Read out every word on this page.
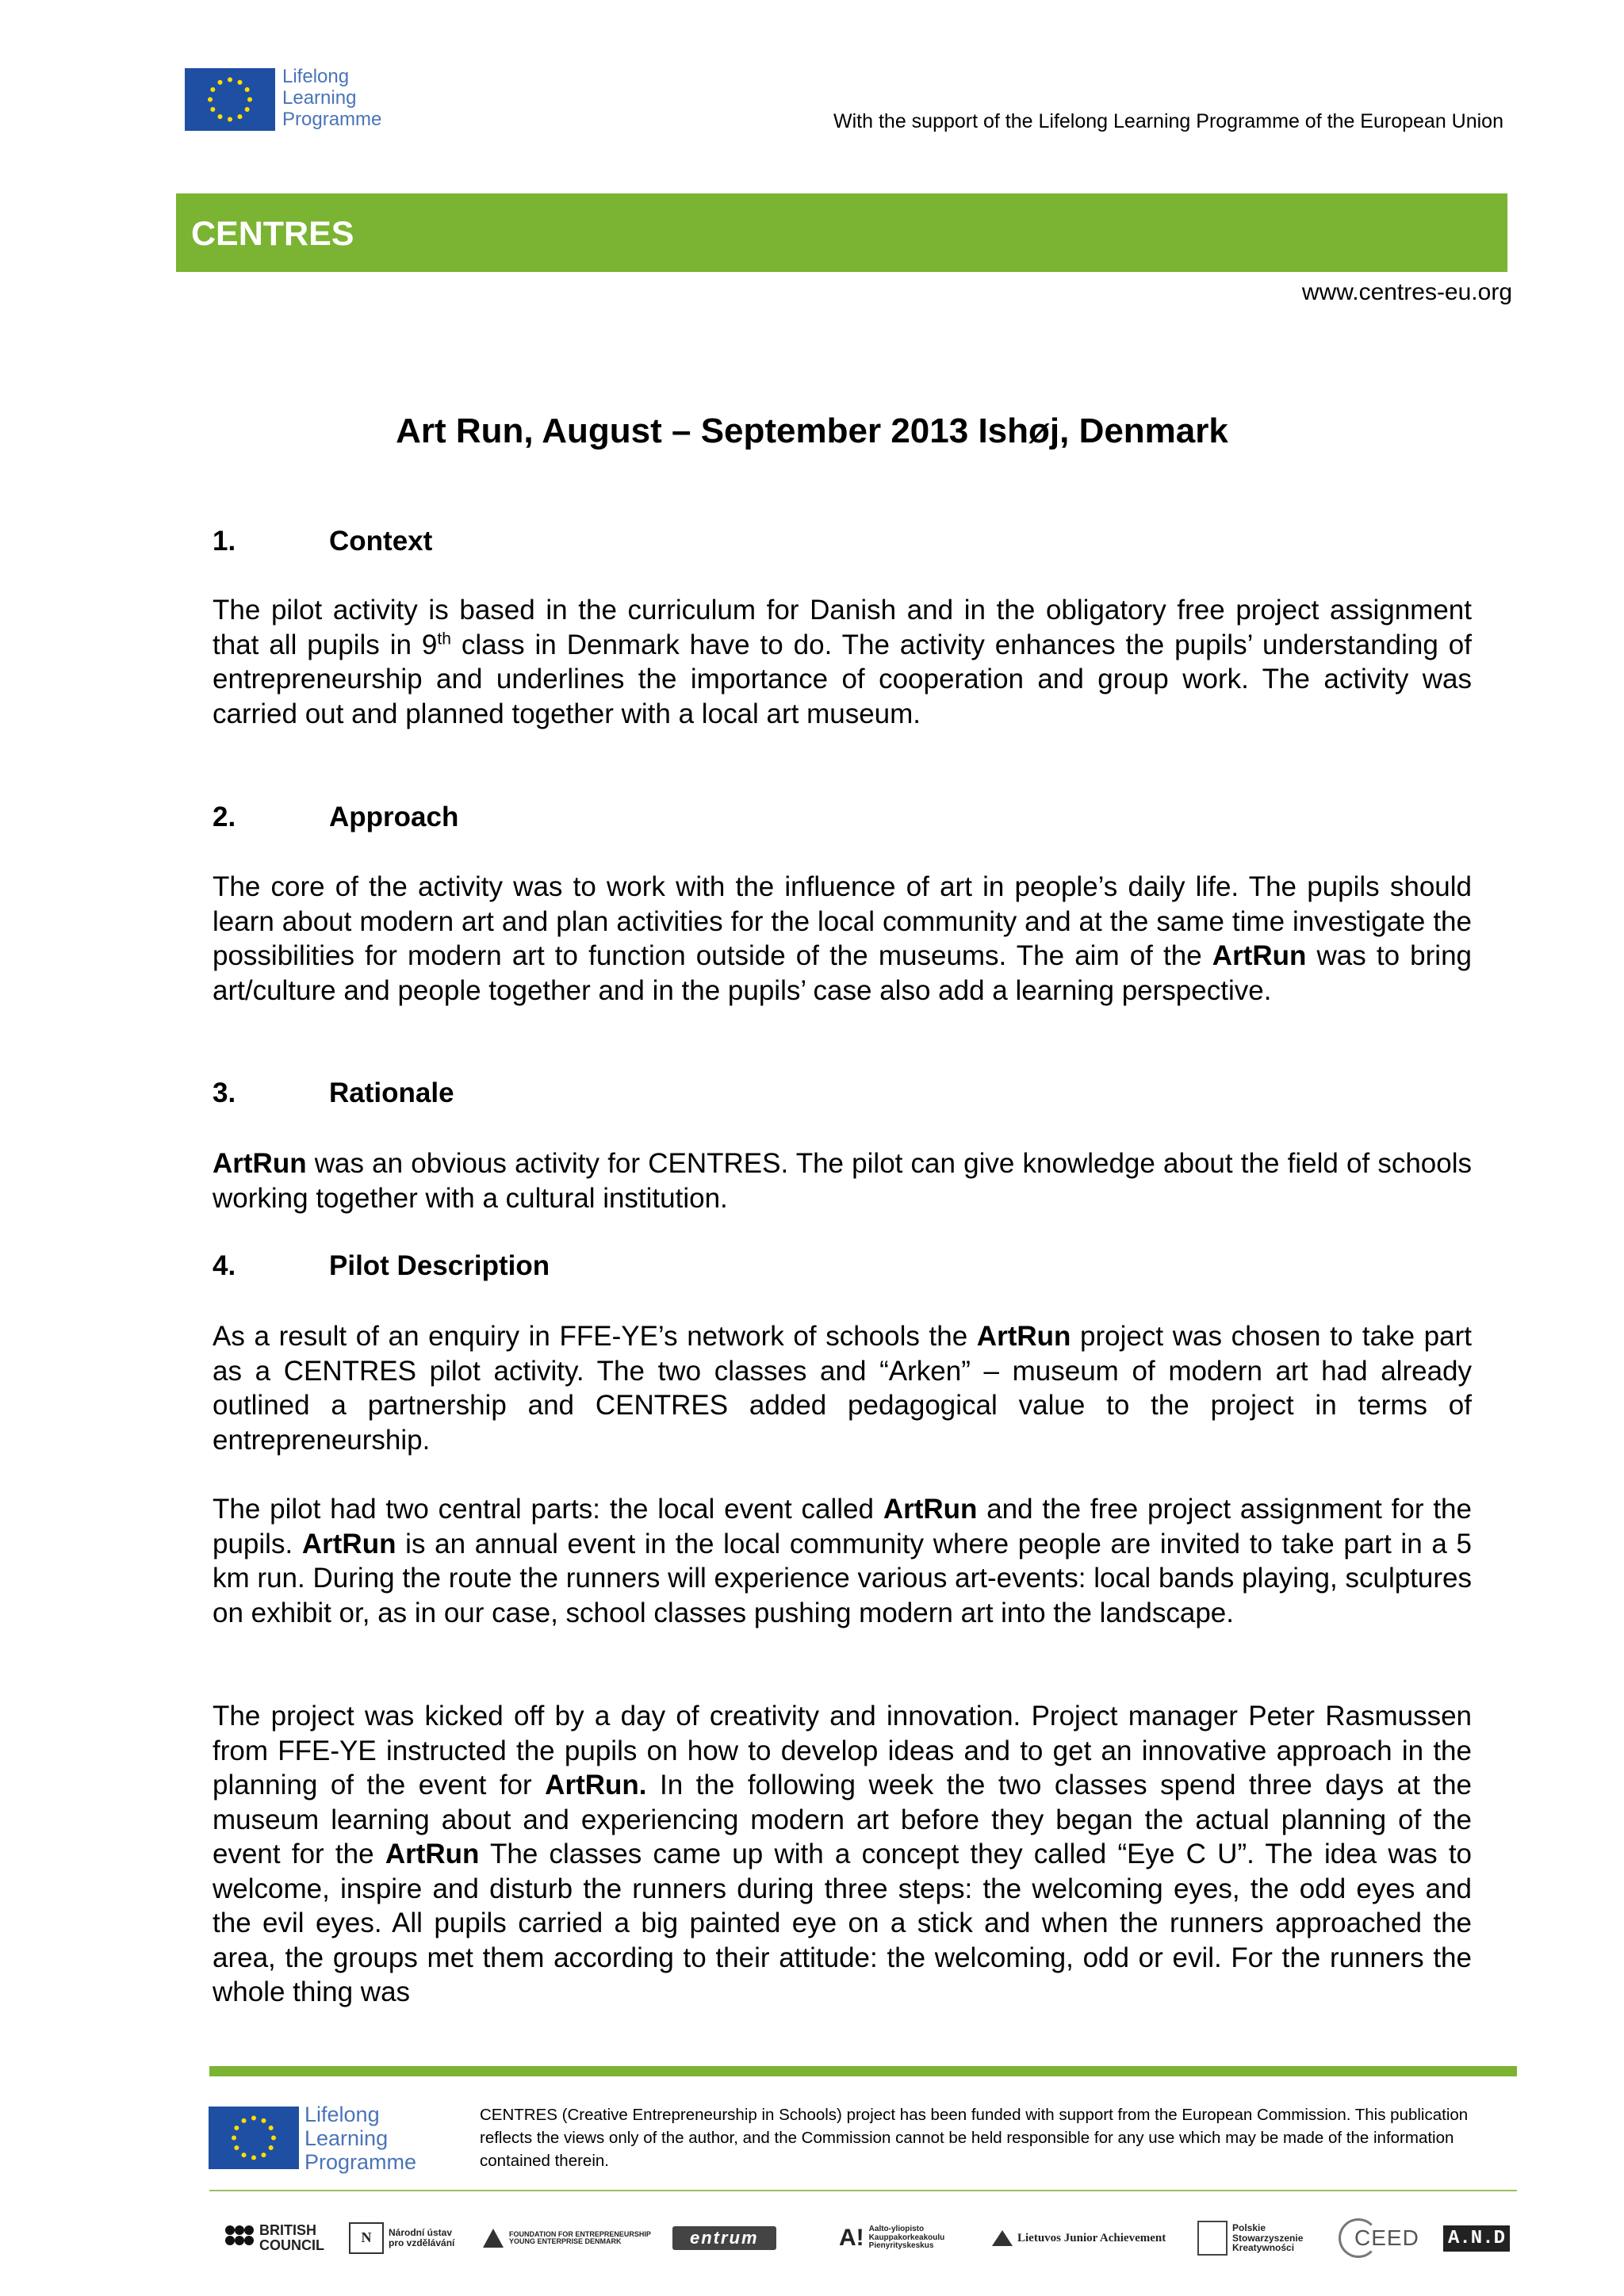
Lifelong
Learning
Programme	With the support of the Lifelong Learning Programme of the European Union
CENTRES
www.centres-eu.org
Art Run, August – September 2013 Ishøj, Denmark
1.	Context
The pilot activity is based in the curriculum for Danish and in the obligatory free project assignment that all pupils in 9th class in Denmark have to do. The activity enhances the pupils’ understanding of entrepreneurship and underlines the importance of cooperation and group work. The activity was carried out and planned together with a local art museum.
2.	Approach
The core of the activity was to work with the influence of art in people’s daily life. The pupils should learn about modern art and plan activities for the local community and at the same time investigate the possibilities for modern art to function outside of the museums. The aim of the ArtRun was to bring art/culture and people together and in the pupils’ case also add a learning perspective.
3.	Rationale
ArtRun was an obvious activity for CENTRES. The pilot can give knowledge about the field of schools working together with a cultural institution.
4.	Pilot Description
As a result of an enquiry in FFE-YE’s network of schools the ArtRun project was chosen to take part as a CENTRES pilot activity. The two classes and “Arken” – museum of modern art had already outlined a partnership and CENTRES added pedagogical value to the project in terms of entrepreneurship.
The pilot had two central parts: the local event called ArtRun and the free project assignment for the pupils. ArtRun is an annual event in the local community where people are invited to take part in a 5 km run. During the route the runners will experience various art-events: local bands playing, sculptures on exhibit or, as in our case, school classes pushing modern art into the landscape.
The project was kicked off by a day of creativity and innovation. Project manager Peter Rasmussen from FFE-YE instructed the pupils on how to develop ideas and to get an innovative approach in the planning of the event for ArtRun. In the following week the two classes spend three days at the museum learning about and experiencing modern art before they began the actual planning of the event for the ArtRun The classes came up with a concept they called “Eye C U”. The idea was to welcome, inspire and disturb the runners during three steps: the welcoming eyes, the odd eyes and the evil eyes. All pupils carried a big painted eye on a stick and when the runners approached the area, the groups met them according to their attitude: the welcoming, odd or evil. For the runners the whole thing was
Lifelong
Learning
Programme
CENTRES (Creative Entrepreneurship in Schools) project has been funded with support from the European Commission. This publication reflects the views only of the author, and the Commission cannot be held responsible for any use which may be made of the information contained therein.
BRITISH
COUNCIL	N	Národní ústav
pro vzdělávání
FOUNDATION FOR ENTREPRENEURSHIP
YOUNG ENTERPRISE DENMARK	entrum	A! Aalto-yliopisto
Kauppakorkeakoulu
Pienyrityskeskus
Lietuvos Junior Achievement
Polskie
Stowarzyszenie
Kreatywności	CEED A.N.D
